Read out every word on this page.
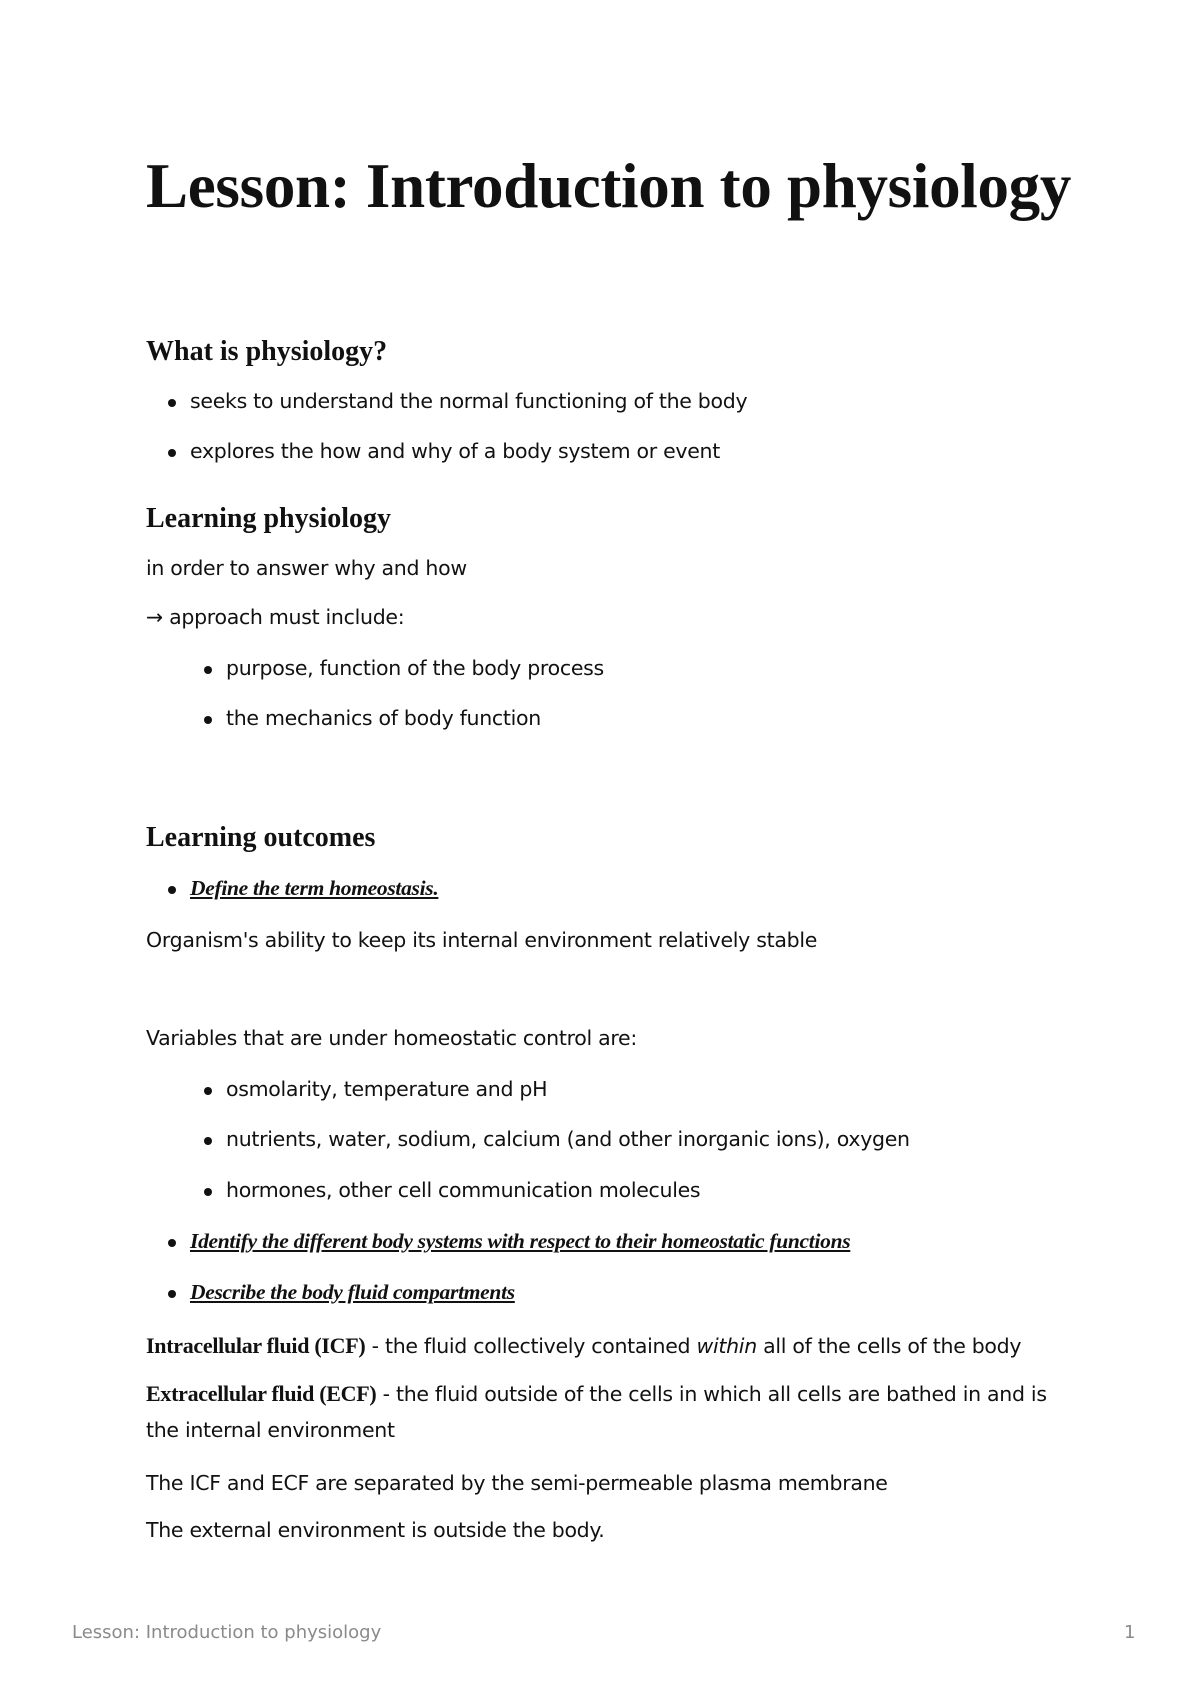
Lesson: Introduction to physiology
What is physiology?
seeks to understand the normal functioning of the body
explores the how and why of a body system or event
Learning physiology
in order to answer why and how
→ approach must include:
purpose, function of the body process
the mechanics of body function
Learning outcomes
Define the term homeostasis.
Organism's ability to keep its internal environment relatively stable
Variables that are under homeostatic control are:
osmolarity, temperature and pH
nutrients, water, sodium, calcium (and other inorganic ions), oxygen
hormones, other cell communication molecules
Identify the different body systems with respect to their homeostatic functions
Describe the body fluid compartments
Intracellular fluid (ICF) - the fluid collectively contained within all of the cells of the body
Extracellular fluid (ECF) - the fluid outside of the cells in which all cells are bathed in and is the internal environment
The ICF and ECF are separated by the semi-permeable plasma membrane
The external environment is outside the body.
Lesson: Introduction to physiology	1
